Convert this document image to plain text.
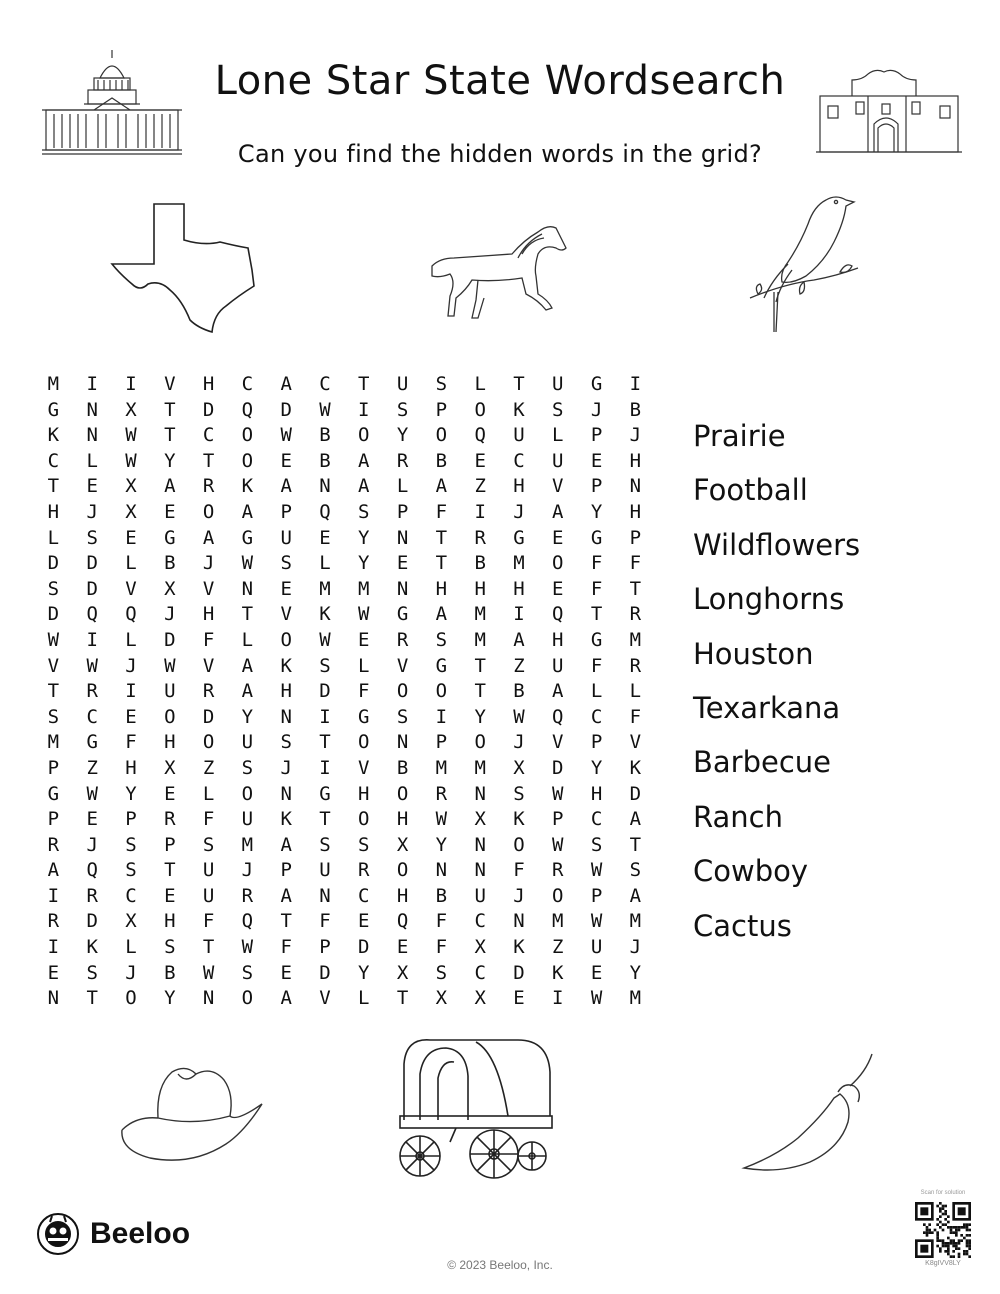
Lone Star State Wordsearch
Can you find the hidden words in the grid?
M	I	I	V	H	C	A	C	T	U	S	L	T	U	G	I
G	N	X	T	D	Q	D	W	I	S	P	O	K	S	J	B
K	N	W	T	C	O	W	B	O	Y	O	Q	U	L	P	J
C	L	W	Y	T	O	E	B	A	R	B	E	C	U	E	H
T	E	X	A	R	K	A	N	A	L	A	Z	H	V	P	N
H	J	X	E	O	A	P	Q	S	P	F	I	J	A	Y	H
L	S	E	G	A	G	U	E	Y	N	T	R	G	E	G	P
D	D	L	B	J	W	S	L	Y	E	T	B	M	O	F	F
S	D	V	X	V	N	E	M	M	N	H	H	H	E	F	T
D	Q	Q	J	H	T	V	K	W	G	A	M	I	Q	T	R
W	I	L	D	F	L	O	W	E	R	S	M	A	H	G	M
V	W	J	W	V	A	K	S	L	V	G	T	Z	U	F	R
T	R	I	U	R	A	H	D	F	O	O	T	B	A	L	L
S	C	E	O	D	Y	N	I	G	S	I	Y	W	Q	C	F
M	G	F	H	O	U	S	T	O	N	P	O	J	V	P	V
P	Z	H	X	Z	S	J	I	V	B	M	M	X	D	Y	K
G	W	Y	E	L	O	N	G	H	O	R	N	S	W	H	D
P	E	P	R	F	U	K	T	O	H	W	X	K	P	C	A
R	J	S	P	S	M	A	S	S	X	Y	N	O	W	S	T
A	Q	S	T	U	J	P	U	R	O	N	N	F	R	W	S
I	R	C	E	U	R	A	N	C	H	B	U	J	O	P	A
R	D	X	H	F	Q	T	F	E	Q	F	C	N	M	W	M
I	K	L	S	T	W	F	P	D	E	F	X	K	Z	U	J
E	S	J	B	W	S	E	D	Y	X	S	C	D	K	E	Y
N	T	O	Y	N	O	A	V	L	T	X	X	E	I	W	M
Prairie
Football
Wildflowers
Longhorns
Houston
Texarkana
Barbecue
Ranch
Cowboy
Cactus
Beeloo
© 2023 Beeloo, Inc.
Scan for solution
K8gIVV8LY
